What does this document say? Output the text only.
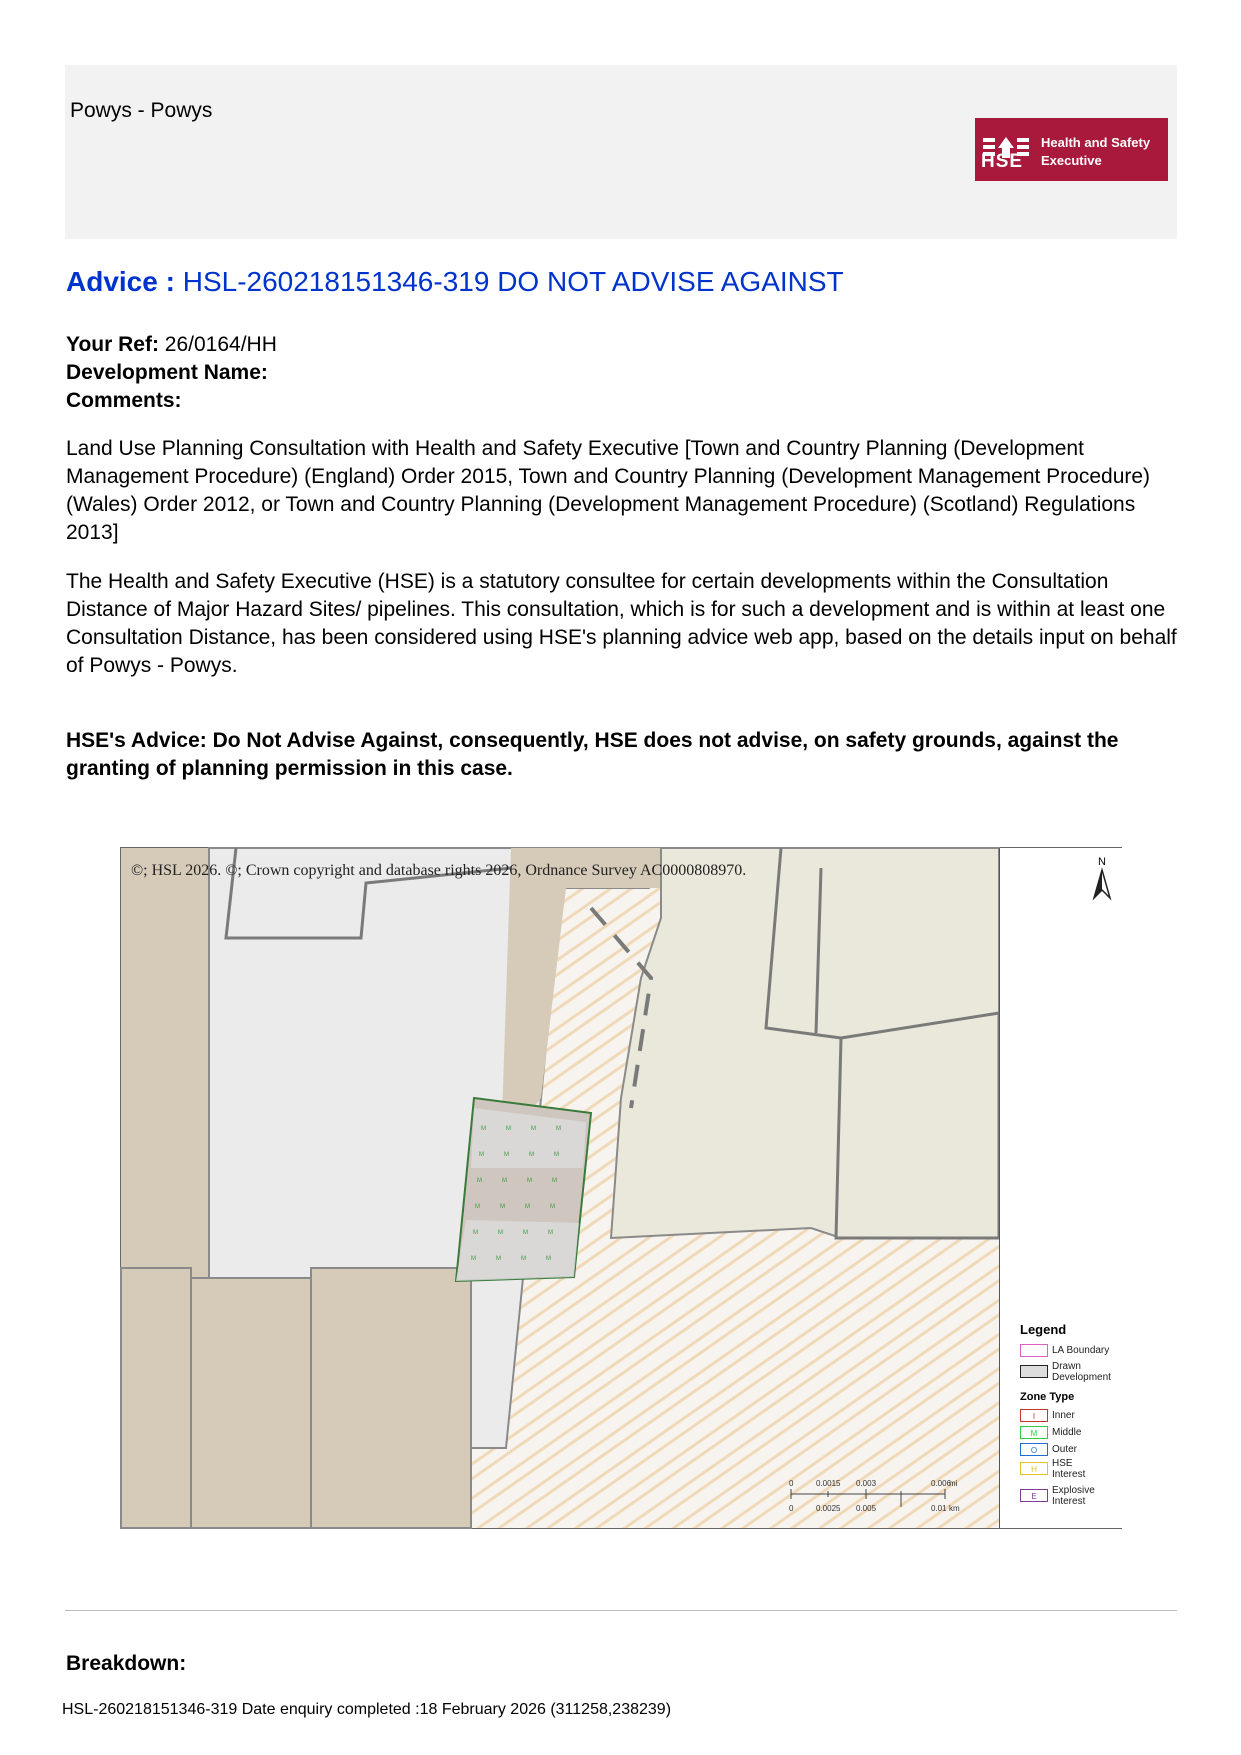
Powys - Powys
HSE
Health and Safety
Executive
Advice : HSL-260218151346-319 DO NOT ADVISE AGAINST
Your Ref: 26/0164/HH
Development Name:
Comments:
Land Use Planning Consultation with Health and Safety Executive [Town and Country Planning (Development Management Procedure) (England) Order 2015, Town and Country Planning (Development Management Procedure) (Wales) Order 2012, or Town and Country Planning (Development Management Procedure) (Scotland) Regulations 2013]
The Health and Safety Executive (HSE) is a statutory consultee for certain developments within the Consultation Distance of Major Hazard Sites/ pipelines. This consultation, which is for such a development and is within at least one Consultation Distance, has been considered using HSE's planning advice web app, based on the details input on behalf of Powys - Powys.
HSE's Advice: Do Not Advise Against, consequently, HSE does not advise, on safety grounds, against the granting of planning permission in this case.
M	M	M	M
M	M	M	M
M	M	M	M
M	M	M	M
M	M	M	M
M	M	M	M
©; HSL 2026. ©; Crown copyright and database rights 2026, Ordnance Survey AC0000808970.
0	0.0015 0.003	0.006
mi
0	0.0025 0.005	0.01 km
N
Legend
LA Boundary
Drawn
Development
Zone Type
I Inner
M Middle
O Outer
HHSE
Interest
EExplosive
Interest
Breakdown:
HSL-260218151346-319 Date enquiry completed :18 February 2026 (311258,238239)
